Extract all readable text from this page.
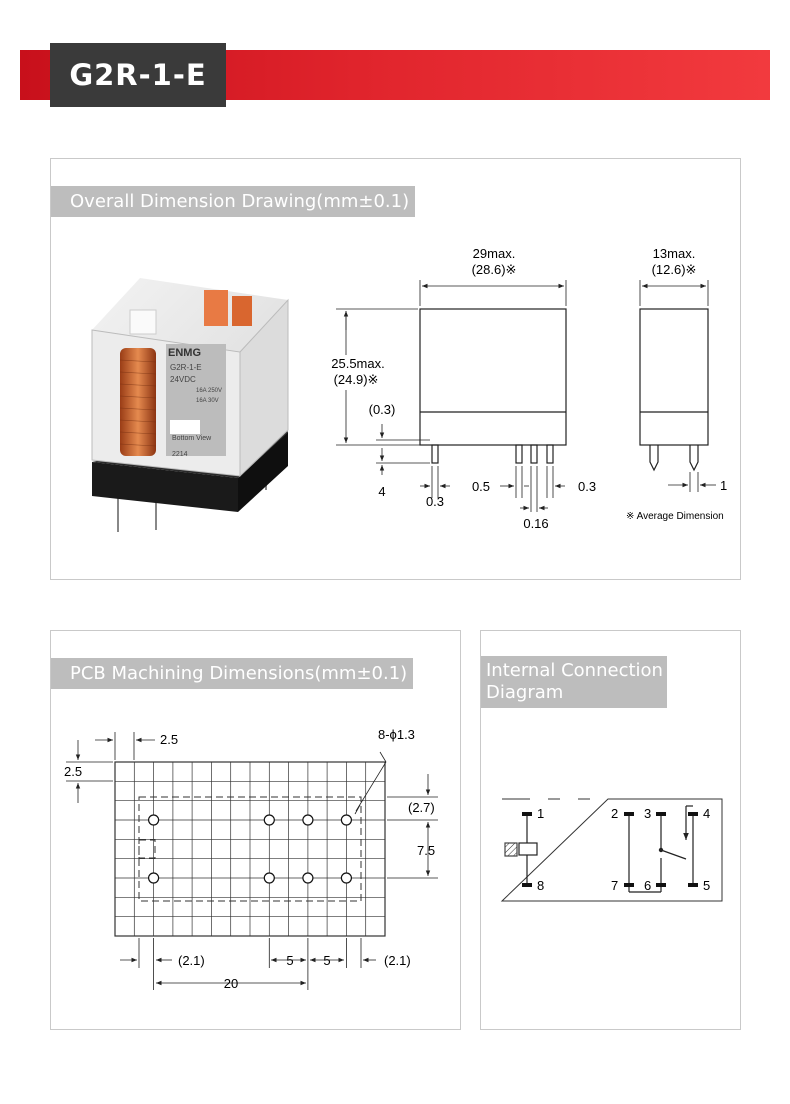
G2R-1-E
Overall Dimension Drawing(mm±0.1)
ENMG
G2R-1-E
24VDC
16A 250V
16A 30V
Bottom View
2214
29max.
(28.6)※
25.5max.
(24.9)※
(0.3)
4
0.3
0.5	0.3
0.16
13max.
(12.6)※
1
※ Average Dimension
PCB Machining Dimensions(mm±0.1)
2.5
2.5
8-ϕ1.3
(2.7)
7.5
(2.1)	5 5	(2.1)
20
Internal Connection
Diagram
1
8
2
7
3
6
4
5
